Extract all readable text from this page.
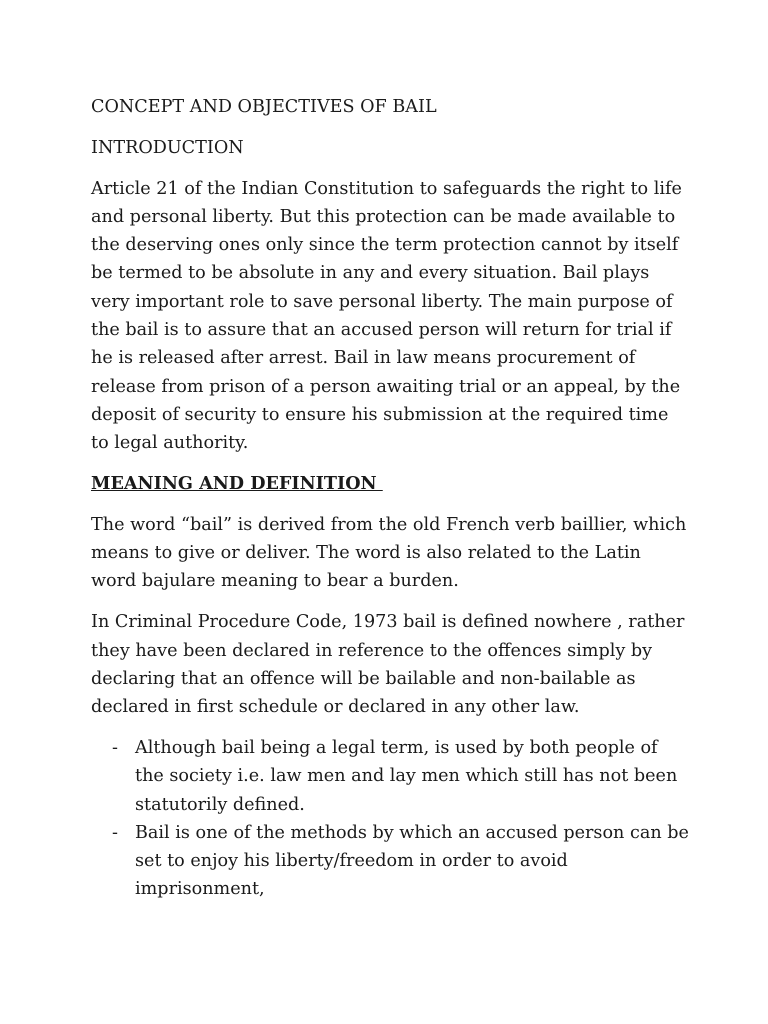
CONCEPT AND OBJECTIVES OF BAIL

INTRODUCTION

Article 21 of the Indian Constitution to safeguards the right to life and personal liberty. But this protection can be made available to the deserving ones only since the term protection cannot by itself be termed to be absolute in any and every situation. Bail plays very important role to save personal liberty. The main purpose of the bail is to assure that an accused person will return for trial if he is released after arrest. Bail in law means procurement of release from prison of a person awaiting trial or an appeal, by the deposit of security to ensure his submission at the required time to legal authority.

MEANING AND DEFINITION

The word “bail” is derived from the old French verb baillier, which means to give or deliver. The word is also related to the Latin word bajulare meaning to bear a burden.

In Criminal Procedure Code, 1973 bail is defined nowhere , rather they have been declared in reference to the offences simply by declaring that an offence will be bailable and non-bailable as declared in first schedule or declared in any other law.

- Although bail being a legal term, is used by both people of the society i.e. law men and lay men which still has not been statutorily defined.
- Bail is one of the methods by which an accused person can be set to enjoy his liberty/freedom in order to avoid imprisonment,
